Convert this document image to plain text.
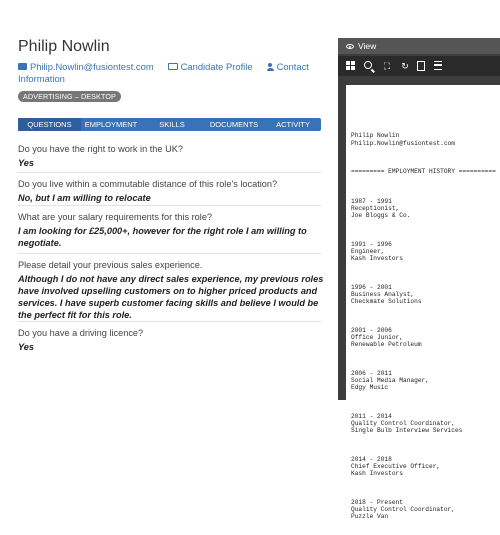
Philip Nowlin
Philip.Nowlin@fusiontest.com	Candidate Profile	Contact
Information
ADVERTISING – DESKTOP
QUESTIONS	EMPLOYMENT	SKILLS	DOCUMENTS	ACTIVITY
Do you have the right to work in the UK?
Yes
Do you live within a commutable distance of this role's location?
No, but I am willing to relocate
What are your salary requirements for this role?
I am looking for £25,000+, however for the right role I am willing to negotiate.
Please detail your previous sales experience.
Although I do not have any direct sales experience, my previous roles have involved upselling customers on to higher priced products and services. I have superb customer facing skills and believe I would be the perfect fit for this role.
Do you have a driving licence?
Yes
View
⛶ ↻

Philip Nowlin
Philip.Nowlin@fusiontest.com

========= EMPLOYMENT HISTORY ==========

1987 - 1991
Receptionist,
Joe Bloggs & Co.

1991 - 1996
Engineer,
Kash Investors

1996 - 2001
Business Analyst,
Checkmate Solutions

2001 - 2006
Office Junior,
Renewable Petroleum

2006 - 2011
Social Media Manager,
Edgy Music

2011 - 2014
Quality Control Coordinator,
Single Bulb Interview Services

2014 - 2018
Chief Executive Officer,
Kash Investors

2018 - Present
Quality Control Coordinator,
Puzzle Van
